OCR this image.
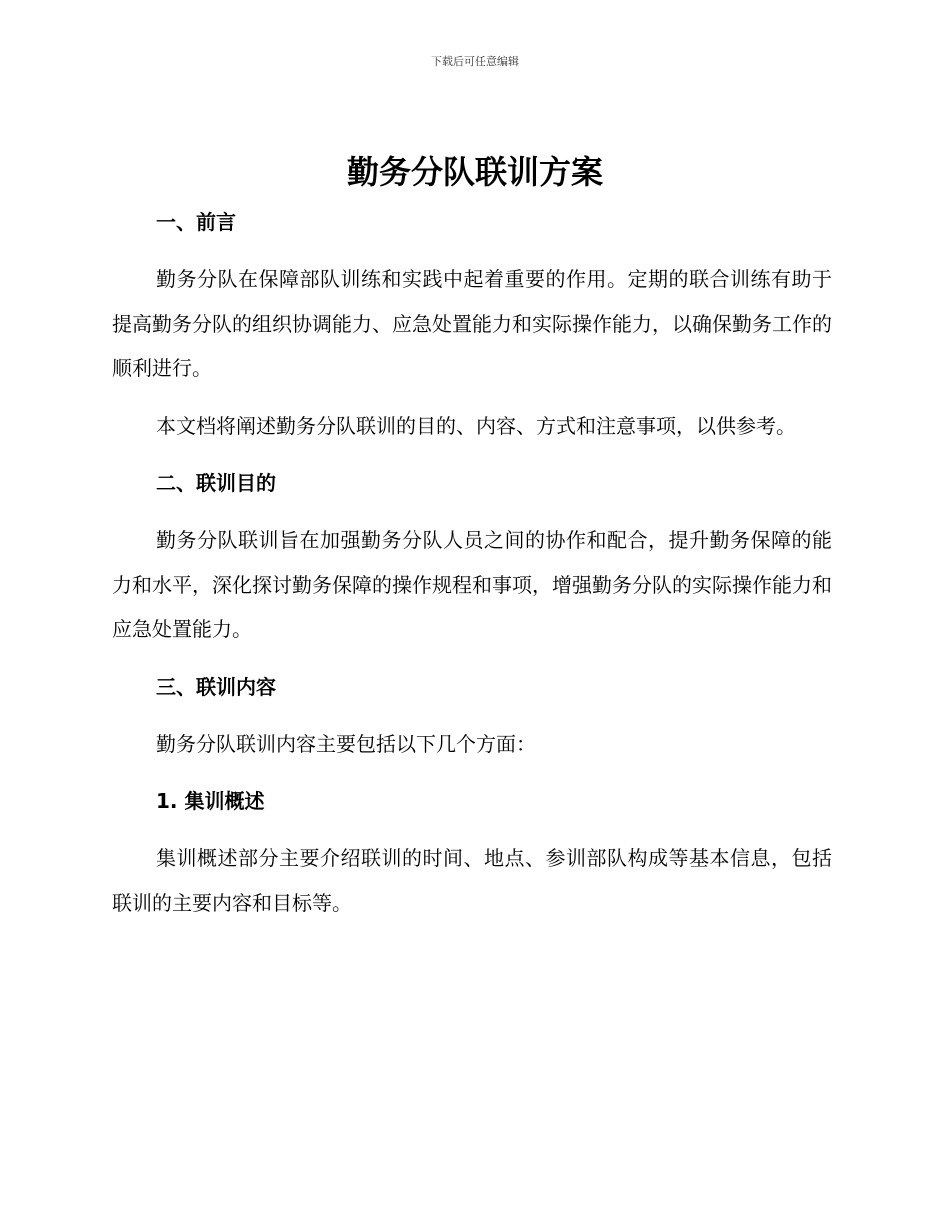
下载后可任意编辑
勤务分队联训方案
一、前言

勤务分队在保障部队训练和实践中起着重要的作用。定期的联合训练有助于提高勤务分队的组织协调能力、应急处置能力和实际操作能力，以确保勤务工作的顺利进行。

本文档将阐述勤务分队联训的目的、内容、方式和注意事项，以供参考。

二、联训目的

勤务分队联训旨在加强勤务分队人员之间的协作和配合，提升勤务保障的能力和水平，深化探讨勤务保障的操作规程和事项，增强勤务分队的实际操作能力和应急处置能力。

三、联训内容

勤务分队联训内容主要包括以下几个方面：

1. 集训概述

集训概述部分主要介绍联训的时间、地点、参训部队构成等基本信息，包括联训的主要内容和目标等。
